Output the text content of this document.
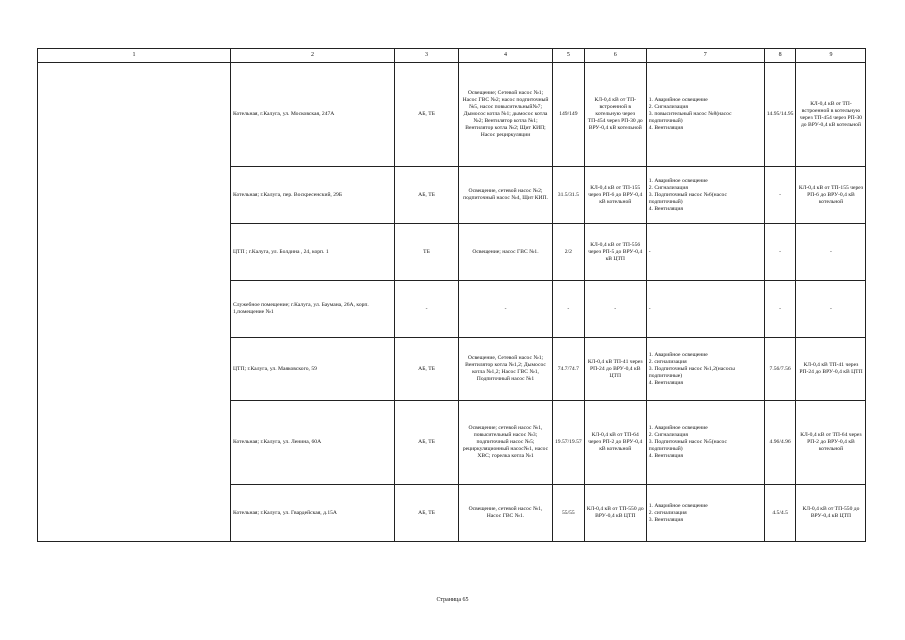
1	2	3	4	5	6	7	8	9
	Котельная, г.Калуга, ул. Московская, 247А	АБ, ТБ	Освещение; Сетевой насос №1; Насос ГВС №2; насос подпиточный №5, насос повысительный№7; Дымосос котла №1; дымосос котла №2; Вентилятор котла №1; Вентилятор котла №2; Щит КИП; Насос рециркуляции	149/149	КЛ-0,4 кВ от ТП-встроенной в котельную через ТП-454 через РП-30 до ВРУ-0,4 кВ котельной	1. Аварийное освещение
2. Сигнализация
3. повысительный насос №8(насос подпиточный)
4. Вентиляция	14.95/14.95	КЛ-0,4 кВ от ТП-встроенной в котельную через ТП-454 через РП-30 до ВРУ-0,4 кВ котельной
	Котельная; г.Калуга, пер. Воскресенский, 29Б	АБ, ТБ	Освещение, сетевой насос №2; подпиточный насос №4, Щит КИП.	31.5/31.5	КЛ-0,4 кВ от ТП-155 через РП-6 до ВРУ-0,4 кВ котельной	1. Аварийное освещение
2. Сигнализация
3. Подпиточный насос №6(насос подпиточный)
4. Вентиляция	-	КЛ-0,4 кВ от ТП-155 через РП-6 до ВРУ-0,4 кВ котельной
	ЦТП ; г.Калуга, ул. Болдина , 24, корп. 1	ТБ	Освещение; насос ГВС №1.	2/2	КЛ-0,4 кВ от ТП-556 через РП-5 до ВРУ-0,4 кВ ЦТП	-	-	-
	Служебное помещение; г.Калуга, ул. Баумана, 26А, корп. 1,помещение №1	-	-	-	-	-	-	-
	ЦТП; г.Калуга, ул. Маяковского, 59	АБ, ТБ	Освещение, Сетевой насос №1; Вентилятор котла №1,2; Дымосос котла №1,2; Насос ГВС №1, Подпиточный насос №1	74.7/74.7	КЛ-0,4 кВ ТП-41 через РП-24 до ВРУ-0,4 кВ ЦТП	1. Аварийное освещение
2. сигнализация
3. Подпиточный насос №1,2(насосы подпиточные)
4. Вентиляция	7.56/7.56	КЛ-0,4 кВ ТП-41 через РП-24 до ВРУ-0,4 кВ ЦТП
	Котельная; г.Калуга, ул. Ленина, 60А	АБ, ТБ	Освещение; сетевой насос №1, повысительный насос №3; подпиточный насос №5; рециркуляционный насос№1, насос ХВС; горелка котла №1	19.57/19.57	КЛ-0,4 кВ от ТП-64 через РП-2 до ВРУ-0,4 кВ котельной	1. Аварийное освещение
2. Сигнализация
3. Подпиточный насос №5(насос подпиточный)
4. Вентиляция	4.96/4.96	КЛ-0,4 кВ от ТП-64 через РП-2 до ВРУ-0,4 кВ котельной
	Котельная; г.Калуга, ул. Гвардейская, д.15А	АБ, ТБ	Освещение, сетевой насос №1, Насос ГВС №1.	55/55	КЛ-0,4 кВ от ТП-550 до ВРУ-0,4 кВ ЦТП	1. Аварийное освещение
2. сигнализация
3. Вентиляция	4.5/4.5	КЛ-0,4 кВ от ТП-550 до ВРУ-0,4 кВ ЦТП
Страница 65
